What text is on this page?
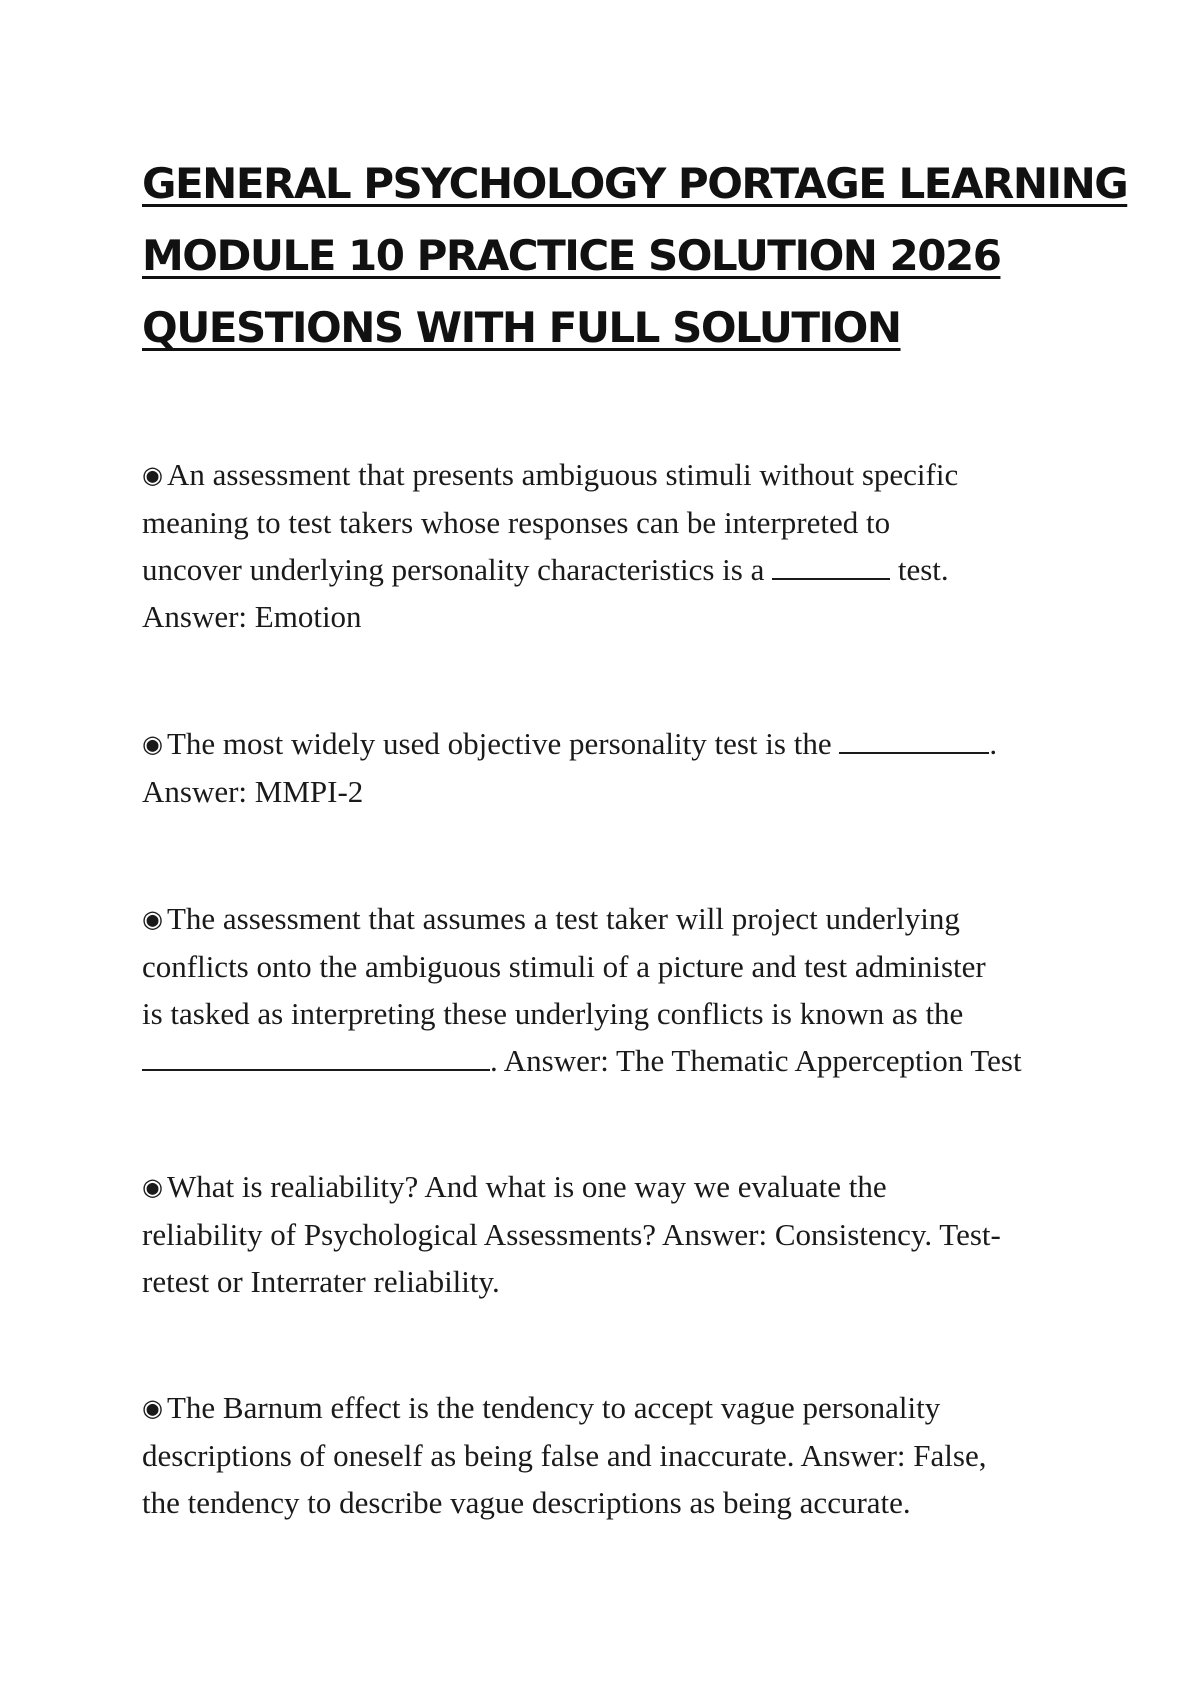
GENERAL PSYCHOLOGY PORTAGE LEARNING
MODULE 10 PRACTICE SOLUTION 2026
QUESTIONS WITH FULL SOLUTION
◉ An assessment that presents ambiguous stimuli without specific
meaning to test takers whose responses can be interpreted to
uncover underlying personality characteristics is a	test.
Answer: Emotion
◉ The most widely used objective personality test is the	.
Answer: MMPI-2
◉ The assessment that assumes a test taker will project underlying
conflicts onto the ambiguous stimuli of a picture and test administer
is tasked as interpreting these underlying conflicts is known as the
. Answer: The Thematic Apperception Test
◉ What is realiability? And what is one way we evaluate the
reliability of Psychological Assessments? Answer: Consistency. Test-
retest or Interrater reliability.
◉ The Barnum effect is the tendency to accept vague personality
descriptions of oneself as being false and inaccurate. Answer: False,
the tendency to describe vague descriptions as being accurate.
